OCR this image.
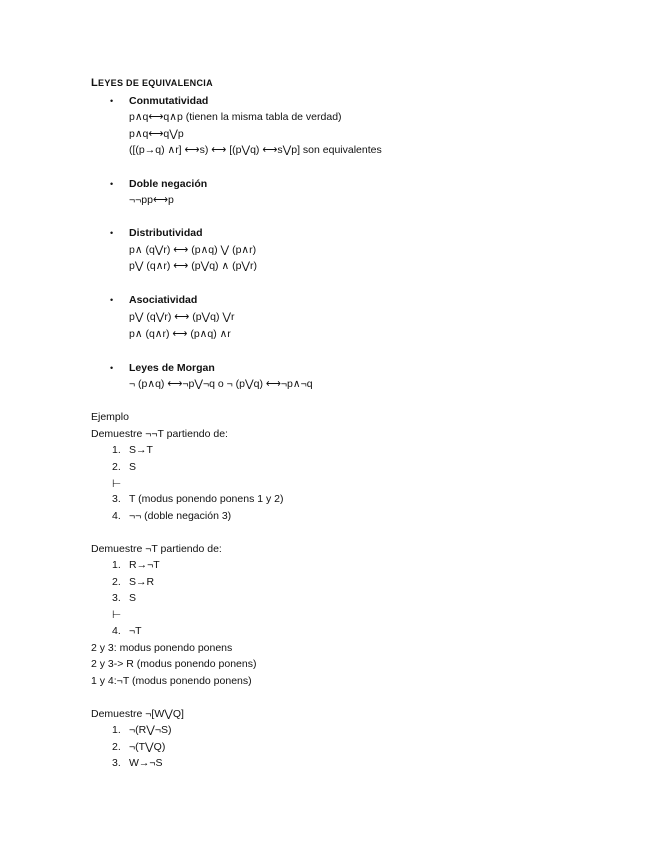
LEYES DE EQUIVALENCIA
• Conmutatividad
p∧q⟷q∧p (tienen la misma tabla de verdad)
p∧q⟷q⋁p
([(p→q) ∧r] ⟷s) ⟷ [(p⋁q) ⟷s⋁p] son equivalentes
• Doble negación
¬¬pp⟷p
• Distributividad
p∧ (q⋁r) ⟷ (p∧q) ⋁ (p∧r)
p⋁ (q∧r) ⟷ (p⋁q) ∧ (p⋁r)
• Asociatividad
p⋁ (q⋁r) ⟷ (p⋁q) ⋁r
p∧ (q∧r) ⟷ (p∧q) ∧r
• Leyes de Morgan
¬ (p∧q) ⟷¬p⋁¬q o ¬ (p⋁q) ⟷¬p∧¬q
Ejemplo
Demuestre ¬¬T partiendo de:
1. S→T
2. S
⊢
3. T (modus ponendo ponens 1 y 2)
4. ¬¬ (doble negación 3)
Demuestre ¬T partiendo de:
1. R→¬T
2. S→R
3. S
⊢
4. ¬T
2 y 3: modus ponendo ponens
2 y 3-> R (modus ponendo ponens)
1 y 4:¬T (modus ponendo ponens)
Demuestre ¬[W⋁Q]
1. ¬(R⋁¬S)
2. ¬(T⋁Q)
3. W→¬S
